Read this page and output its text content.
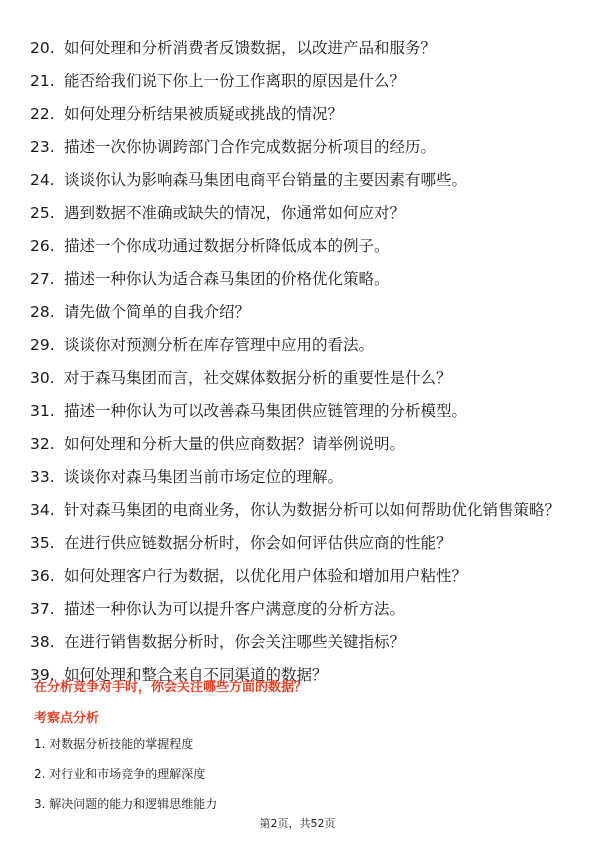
20. 如何处理和分析消费者反馈数据，以改进产品和服务？
21. 能否给我们说下你上一份工作离职的原因是什么？
22. 如何处理分析结果被质疑或挑战的情况？
23. 描述一次你协调跨部门合作完成数据分析项目的经历。
24. 谈谈你认为影响森马集团电商平台销量的主要因素有哪些。
25. 遇到数据不准确或缺失的情况，你通常如何应对？
26. 描述一个你成功通过数据分析降低成本的例子。
27. 描述一种你认为适合森马集团的价格优化策略。
28. 请先做个简单的自我介绍？
29. 谈谈你对预测分析在库存管理中应用的看法。
30. 对于森马集团而言，社交媒体数据分析的重要性是什么？
31. 描述一种你认为可以改善森马集团供应链管理的分析模型。
32. 如何处理和分析大量的供应商数据？请举例说明。
33. 谈谈你对森马集团当前市场定位的理解。
34. 针对森马集团的电商业务，你认为数据分析可以如何帮助优化销售策略？
35. 在进行供应链数据分析时，你会如何评估供应商的性能？
36. 如何处理客户行为数据，以优化用户体验和增加用户粘性？
37. 描述一种你认为可以提升客户满意度的分析方法。
38. 在进行销售数据分析时，你会关注哪些关键指标？
39. 如何处理和整合来自不同渠道的数据？
在分析竞争对手时，你会关注哪些方面的数据？
考察点分析
1. 对数据分析技能的掌握程度
2. 对行业和市场竞争的理解深度
3. 解决问题的能力和逻辑思维能力
第2页，共52页
